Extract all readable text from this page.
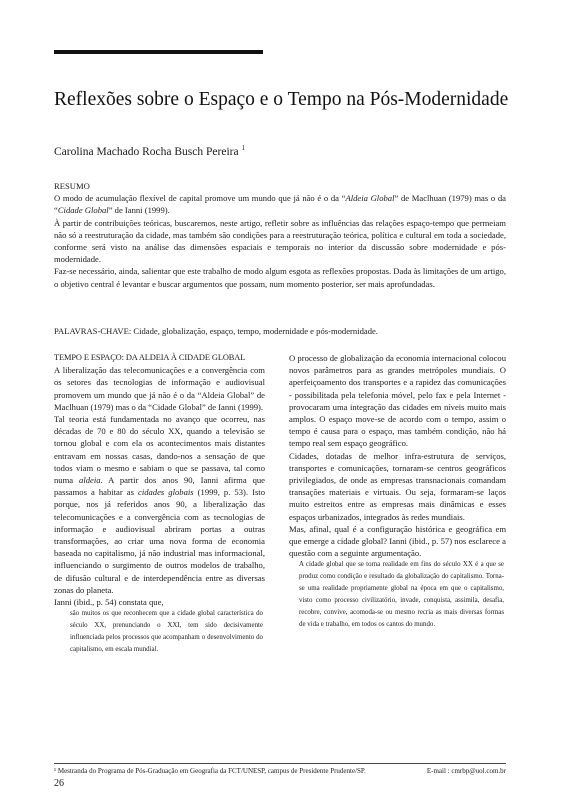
Reflexões sobre o Espaço e o Tempo na Pós-Modernidade
Carolina Machado Rocha Busch Pereira $^1$

RESUMO

O modo de acumulação flexível de capital promove um mundo que já não é o da “Aldeia Global” de Maclhuan (1979) mas o da “Cidade Global” de Ianni (1999).

À partir de contribuições teóricas, buscaremos, neste artigo, refletir sobre as influências das relações espaço-tempo que permeiam não só a reestruturação da cidade, mas também são condições para a reestruturação teórica, política e cultural em toda a sociedade, conforme será visto na análise das dimensões espaciais e temporais no interior da discussão sobre modernidade e pós-modernidade.

Faz-se necessário, ainda, salientar que este trabalho de modo algum esgota as reflexões propostas. Dada às limitações de um artigo, o objetivo central é levantar e buscar argumentos que possam, num momento posterior, ser mais aprofundadas.

PALAVRAS-CHAVE: Cidade, globalização, espaço, tempo, modernidade e pós-modernidade.

TEMPO E ESPAÇO: DA ALDEIA À CIDADE GLOBAL

A liberalização das telecomunicações e a convergência com os setores das tecnologias de informação e audiovisual promovem um mundo que já não é o da “Aldeia Global” de Maclhuan (1979) mas o da “Cidade Global” de Ianni (1999).

Tal teoria está fundamentada no avanço que ocorreu, nas décadas de 70 e 80 do século XX, quando a televisão se tornou global e com ela os acontecimentos mais distantes entravam em nossas casas, dando-nos a sensação de que todos viam o mesmo e sabiam o que se passava, tal como numa aldeia. A partir dos anos 90, Ianni afirma que passamos a habitar as cidades globais (1999, p. 53). Isto porque, nos já referidos anos 90, a liberalização das telecomunicações e a convergência com as tecnologias de informação e audiovisual abriram portas a outras transformações, ao criar uma nova forma de economia baseada no capitalismo, já não industrial mas informacional, influenciando o surgimento de outros modelos de trabalho, de difusão cultural e de interdependência entre as diversas zonas do planeta.

Ianni (ibid., p. 54) constata que,

são muitos os que reconhecem que a cidade global característica do século XX, prenunciando o XXI, tem sido decisivamente influenciada pelos processos que acompanham o desenvolvimento do capitalismo, em escala mundial.

O processo de globalização da economia internacional colocou novos parâmetros para as grandes metrópoles mundiais. O aperfeiçoamento dos transportes e a rapidez das comunicações - possibilitada pela telefonia móvel, pelo fax e pela Internet - provocaram uma integração das cidades em níveis muito mais amplos. O espaço move-se de acordo com o tempo, assim o tempo é causa para o espaço, mas também condição, não há tempo real sem espaço geográfico.

Cidades, dotadas de melhor infra-estrutura de serviços, transportes e comunicações, tornaram-se centros geográficos privilegiados, de onde as empresas transnacionais comandam transações materiais e virtuais. Ou seja, formaram-se laços muito estreitos entre as empresas mais dinâmicas e esses espaços urbanizados, integrados às redes mundiais.

Mas, afinal, qual é a configuração histórica e geográfica em que emerge a cidade global? Ianni (ibid., p. 57) nos esclarece a questão com a seguinte argumentação.

A cidade global que se torna realidade em fins do século XX é a que se produz como condição e resultado da globalização do capitalismo. Torna-se uma realidade propriamente global na época em que o capitalismo, visto como processo civilizatório, invade, conquista, assimila, desafia, recobre, convive, acomoda-se ou mesmo recria as mais diversas formas de vida e trabalho, em todos os cantos do mundo.

¹ Mestranda do Programa de Pós-Graduação em Geografia da FCT/UNESP, campus de Presidente Prudente/SP.	E-mail : cmrbp@uol.com.br
26
